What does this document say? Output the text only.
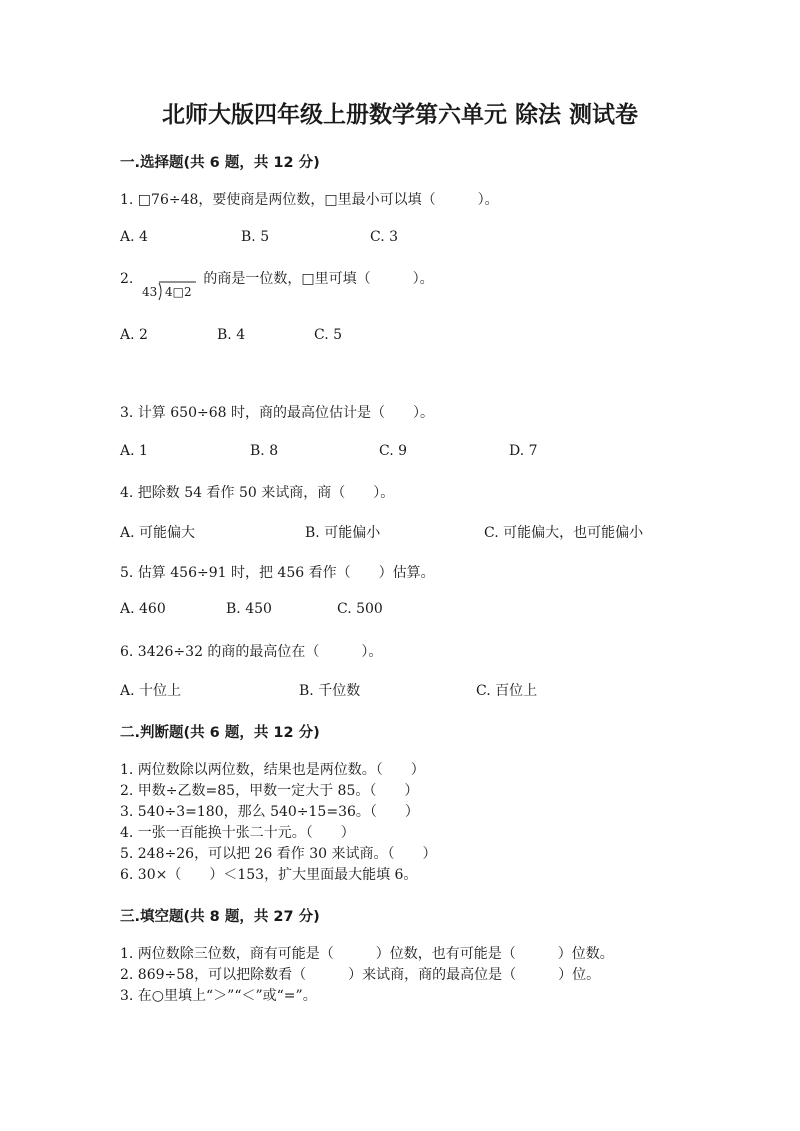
北师大版四年级上册数学第六单元 除法 测试卷
一.选择题(共 6 题，共 12 分)
1. □76÷48，要使商是两位数，□里最小可以填（　　　）。
A. 4	B. 5	C. 3
2.　　　　　的商是一位数，□里可填（　　　）。
43 4□2
A. 2	B. 4	C. 5
3. 计算 650÷68 时，商的最高位估计是（　　）。
A. 1	B. 8	C. 9	D. 7
4. 把除数 54 看作 50 来试商，商（　　）。
A. 可能偏大	B. 可能偏小	C. 可能偏大，也可能偏小
5. 估算 456÷91 时，把 456 看作（　　）估算。
A. 460	B. 450	C. 500
6. 3426÷32 的商的最高位在（　　　）。
A. 十位上	B. 千位数	C. 百位上
二.判断题(共 6 题，共 12 分)
1. 两位数除以两位数，结果也是两位数。（　　）
2. 甲数÷乙数=85，甲数一定大于 85。（　　）
3. 540÷3=180，那么 540÷15=36。（　　）
4. 一张一百能换十张二十元。（　　）
5. 248÷26，可以把 26 看作 30 来试商。（　　）
6. 30×（　　）＜153，扩大里面最大能填 6。
三.填空题(共 8 题，共 27 分)
1. 两位数除三位数，商有可能是（　　　）位数，也有可能是（　　　）位数。
2. 869÷58，可以把除数看（　　　）来试商，商的最高位是（　　　）位。
3. 在○里填上“＞”“＜”或“=”。
